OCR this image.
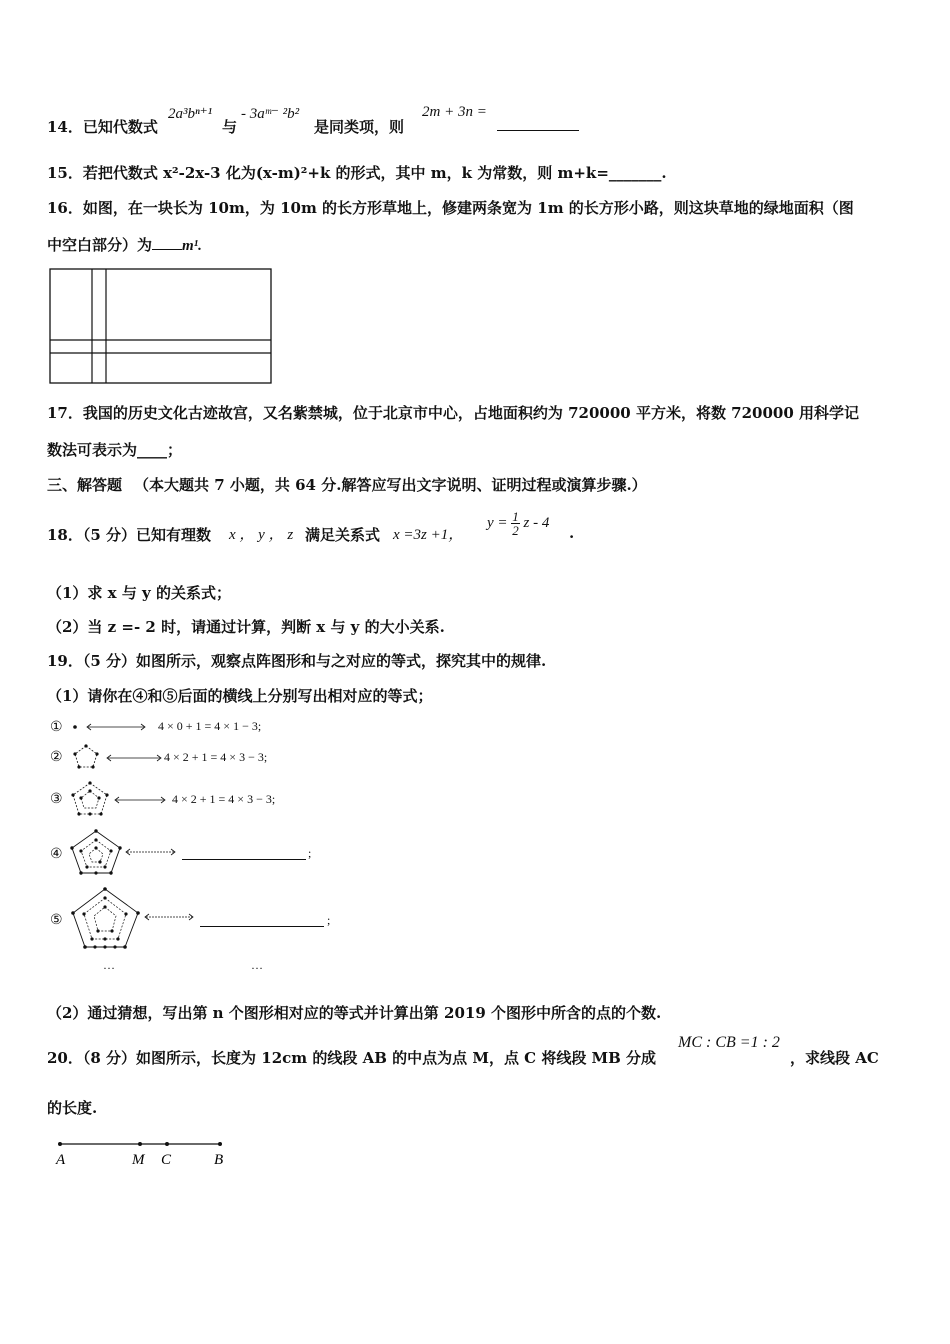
14．已知代数式
2a³bⁿ⁺¹
与
- 3aᵐ⁻ ²b²
是同类项，则
2m + 3n =
15．若把代数式 x²-2x-3 化为(x-m)²+k 的形式，其中 m，k 为常数，则 m+k=_______.
16．如图，在一块长为 10m，为 10m 的长方形草地上，修建两条宽为 1m 的长方形小路，则这块草地的绿地面积（图
中空白部分）为 m¹.
17．我国的历史文化古迹故宫，又名紫禁城，位于北京市中心，占地面积约为 720000 平方米，将数 720000 用科学记
数法可表示为____；
三、解答题 （本大题共 7 小题，共 64 分.解答应写出文字说明、证明过程或演算步骤.）
18．（5 分）已知有理数 x ， y ， z 满足关系式 x =3z +1，
$y = \frac{1}{2}$ z - 4
.
（1）求 x 与 y 的关系式；
（2）当 z =- 2 时，请通过计算，判断 x 与 y 的大小关系.
19．（5 分）如图所示，观察点阵图形和与之对应的等式，探究其中的规律.
（1）请你在④和⑤后面的横线上分别写出相对应的等式；
①	4 × 0 + 1 = 4 × 1 − 3;
②	4 × 2 + 1 = 4 × 3 − 3;
③	4 × 2 + 1 = 4 × 3 − 3;
④	;
⑤	;
…	…
（2）通过猜想，写出第 n 个图形相对应的等式并计算出第 2019 个图形中所含的点的个数.
20．（8 分）如图所示，长度为 12cm 的线段 AB 的中点为点 M，点 C 将线段 MB 分成
MC : CB =1 : 2
，求线段 AC
的长度.
A	M C	B
